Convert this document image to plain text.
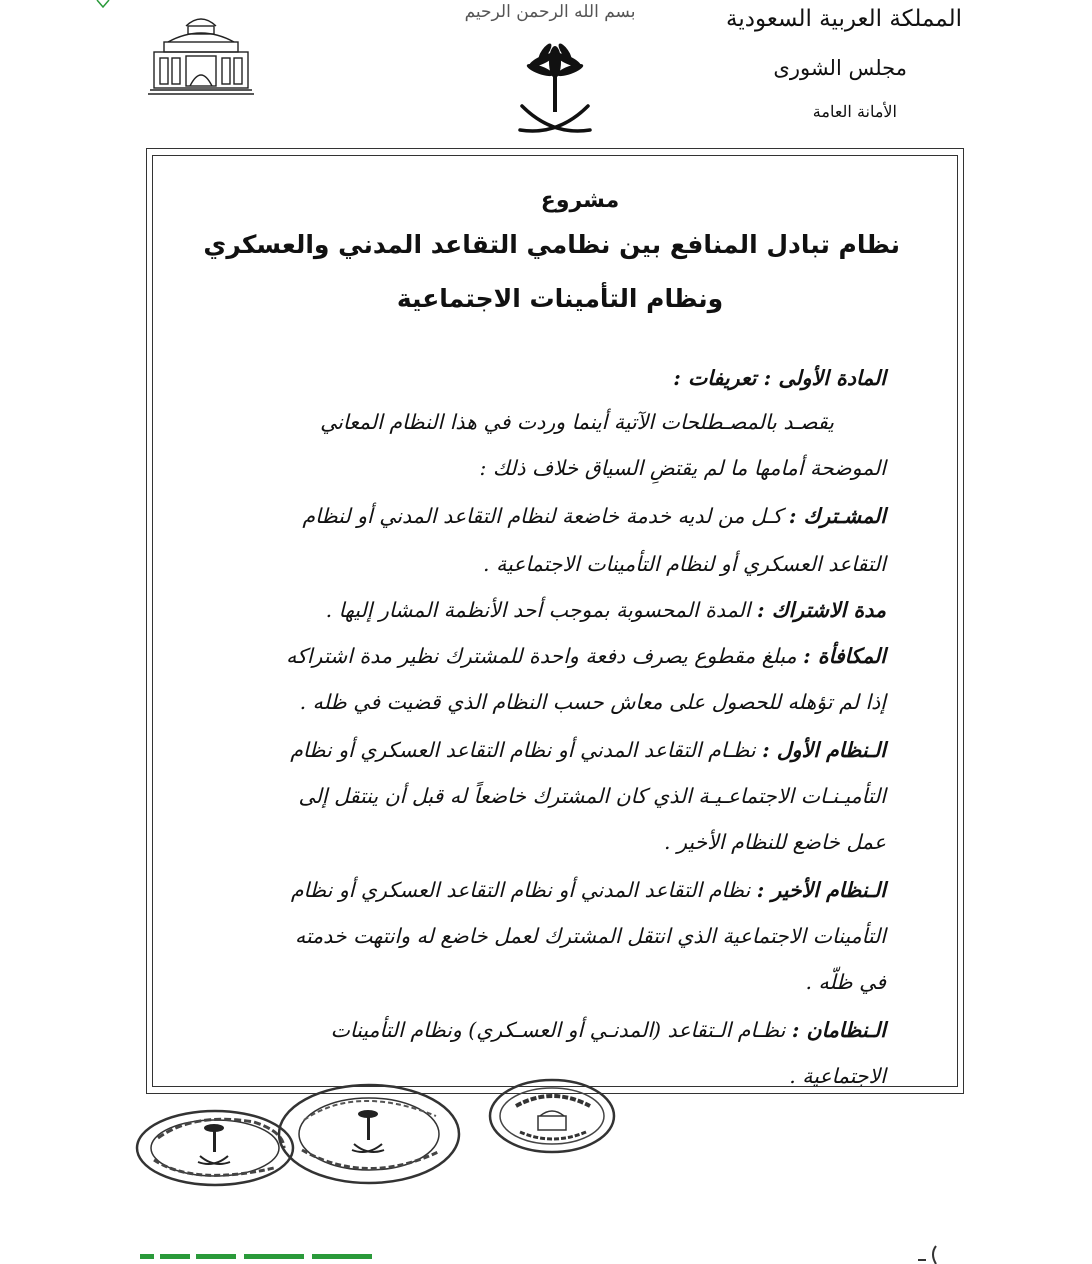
المملكة العربية السعودية
مجلس الشورى
الأمانة العامة
بسم الله الرحمن الرحيم
مشروع
نظام تبادل المنافع بين نظامي التقاعد المدني والعسكري
ونظام التأمينات الاجتماعية
المادة الأولى : تعريفات :
يقصـد بالمصـطلحات الآتية أينما وردت في هذا النظام المعاني
الموضحة أمامها ما لم يقتضِ السياق خلاف ذلك :
المشـترك : كـل من لديه خدمة خاضعة لنظام التقاعد المدني أو لنظام
التقاعد العسكري أو لنظام التأمينات الاجتماعية .
مدة الاشتراك : المدة المحسوبة بموجب أحد الأنظمة المشار إليها .
المكافأة : مبلغ مقطوع يصرف دفعة واحدة للمشترك نظير مدة اشتراكه
إذا لم تؤهله للحصول على معاش حسب النظام الذي قضيت في ظله .
الـنظام الأول : نظـام التقاعد المدني أو نظام التقاعد العسكري أو نظام
التأميـنـات الاجتماعـيـة الذي كان المشترك خاضعاً له قبل أن ينتقل إلى
عمل خاضع للنظام الأخير .
الـنظام الأخير : نظام التقاعد المدني أو نظام التقاعد العسكري أو نظام
التأمينات الاجتماعية الذي انتقل المشترك لعمل خاضع له وانتهت خدمته
في ظلّه .
الـنظامان : نظـام الـتقاعد (المدنـي أو العسـكري) ونظام التأمينات
الاجتماعية .
